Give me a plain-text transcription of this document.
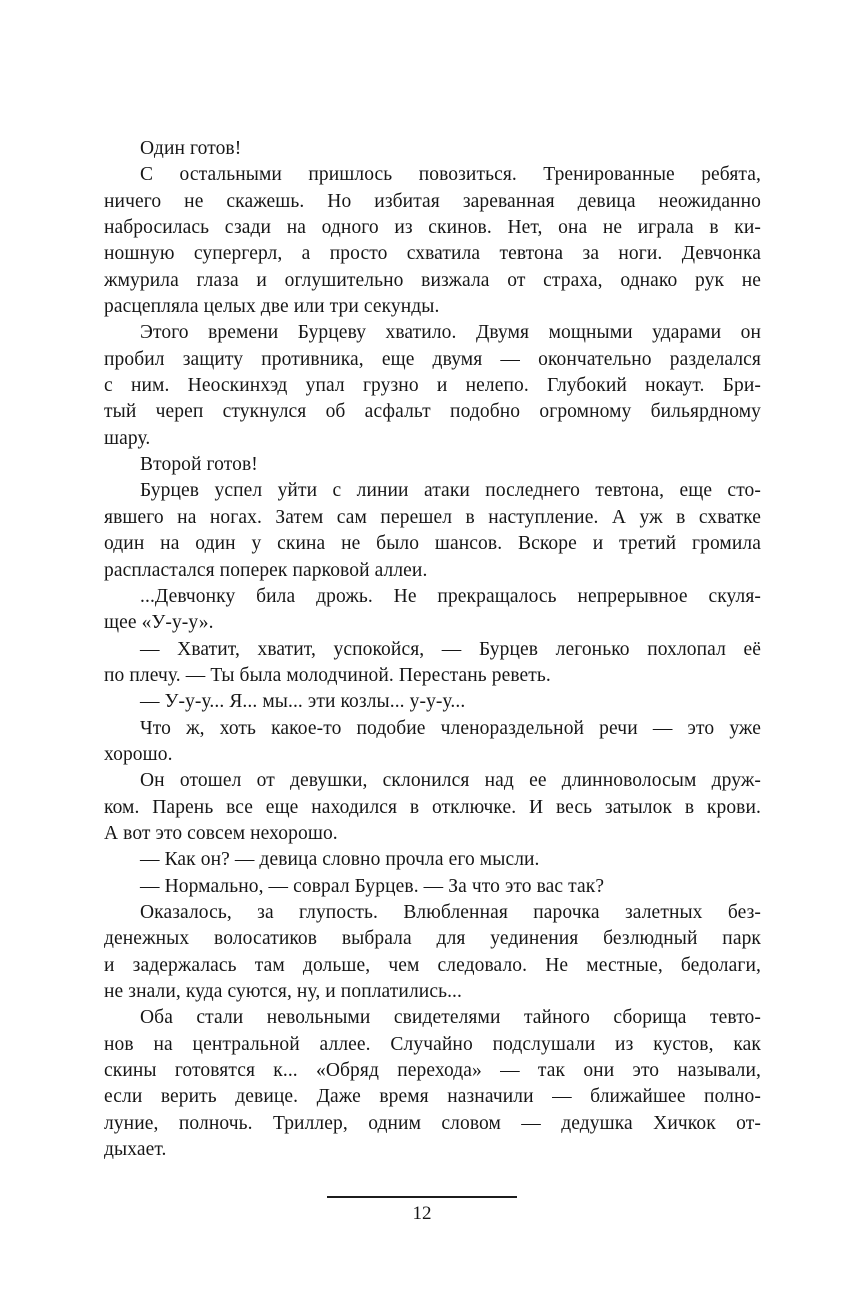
Один готов!
С остальными пришлось повозиться. Тренированные ребята,
ничего не скажешь. Но избитая зареванная девица неожиданно
набросилась сзади на одного из скинов. Нет, она не играла в ки-
ношную супергерл, а просто схватила тевтона за ноги. Девчонка
жмурила глаза и оглушительно визжала от страха, однако рук не
расцепляла целых две или три секунды.
Этого времени Бурцеву хватило. Двумя мощными ударами он
пробил защиту противника, еще двумя — окончательно разделался
с ним. Неоскинхэд упал грузно и нелепо. Глубокий нокаут. Бри-
тый череп стукнулся об асфальт подобно огромному бильярдному
шару.
Второй готов!
Бурцев успел уйти с линии атаки последнего тевтона, еще сто-
явшего на ногах. Затем сам перешел в наступление. А уж в схватке
один на один у скина не было шансов. Вскоре и третий громила
распластался поперек парковой аллеи.
...Девчонку била дрожь. Не прекращалось непрерывное скуля-
щее «У-у-у».
— Хватит, хватит, успокойся, — Бурцев легонько похлопал её
по плечу. — Ты была молодчиной. Перестань реветь.
— У-у-у... Я... мы... эти козлы... у-у-у...
Что ж, хоть какое-то подобие членораздельной речи — это уже
хорошо.
Он отошел от девушки, склонился над ее длинноволосым друж-
ком. Парень все еще находился в отключке. И весь затылок в крови.
А вот это совсем нехорошо.
— Как он? — девица словно прочла его мысли.
— Нормально, — соврал Бурцев. — За что это вас так?
Оказалось, за глупость. Влюбленная парочка залетных без-
денежных волосатиков выбрала для уединения безлюдный парк
и задержалась там дольше, чем следовало. Не местные, бедолаги,
не знали, куда суются, ну, и поплатились...
Оба стали невольными свидетелями тайного сборища тевто-
нов на центральной аллее. Случайно подслушали из кустов, как
скины готовятся к... «Обряд перехода» — так они это называли,
если верить девице. Даже время назначили — ближайшее полно-
луние, полночь. Триллер, одним словом — дедушка Хичкок от-
дыхает.
12
